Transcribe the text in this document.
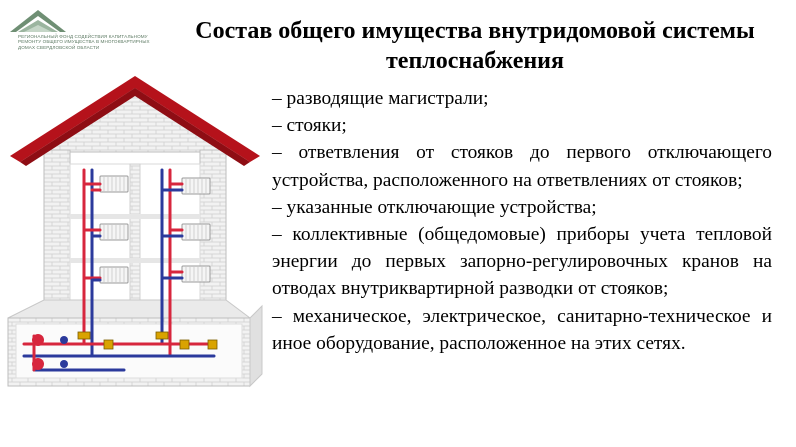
РЕГИОНАЛЬНЫЙ ФОНД СОДЕЙСТВИЯ КАПИТАЛЬНОМУ
РЕМОНТУ ОБЩЕГО ИМУЩЕСТВА В МНОГОКВАРТИРНЫХ
ДОМАХ СВЕРДЛОВСКОЙ ОБЛАСТИ
Состав общего имущества внутридомовой системы
теплоснабжения
– разводящие магистрали;
– стояки;
– ответвления от стояков до первого отключающего устройства, расположенного на ответвлениях от стояков;
– указанные отключающие устройства;
– коллективные (общедомовые) приборы учета тепловой энергии до первых запорно-регулировочных кранов на отводах внутриквартирной разводки от стояков;
– механическое, электрическое, санитарно-техническое и иное оборудование, расположенное на этих сетях.
